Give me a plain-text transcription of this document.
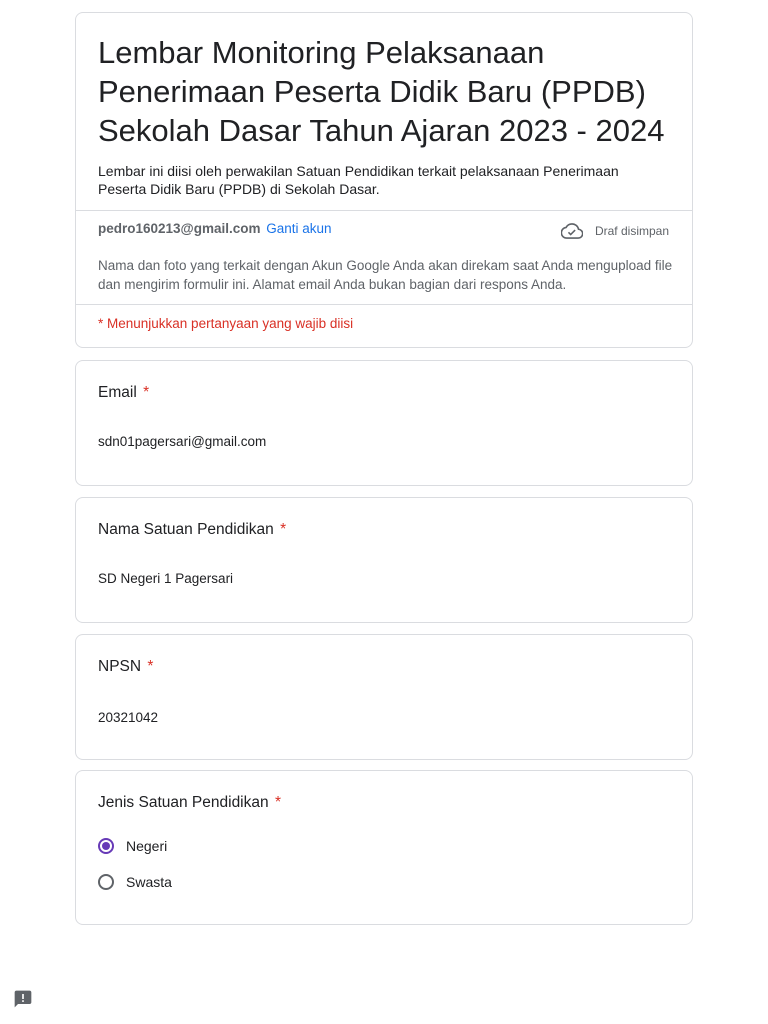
Lembar Monitoring Pelaksanaan Penerimaan Peserta Didik Baru (PPDB) Sekolah Dasar Tahun Ajaran 2023 - 2024

Lembar ini diisi oleh perwakilan Satuan Pendidikan terkait pelaksanaan Penerimaan Peserta Didik Baru (PPDB) di Sekolah Dasar.

pedro160213@gmail.com Ganti akun	Draf disimpan

Nama dan foto yang terkait dengan Akun Google Anda akan direkam saat Anda mengupload file dan mengirim formulir ini. Alamat email Anda bukan bagian dari respons Anda.

* Menunjukkan pertanyaan yang wajib diisi
Email *
sdn01pagersari@gmail.com
Nama Satuan Pendidikan *
SD Negeri 1 Pagersari
NPSN *
20321042
Jenis Satuan Pendidikan *
Negeri
Swasta
